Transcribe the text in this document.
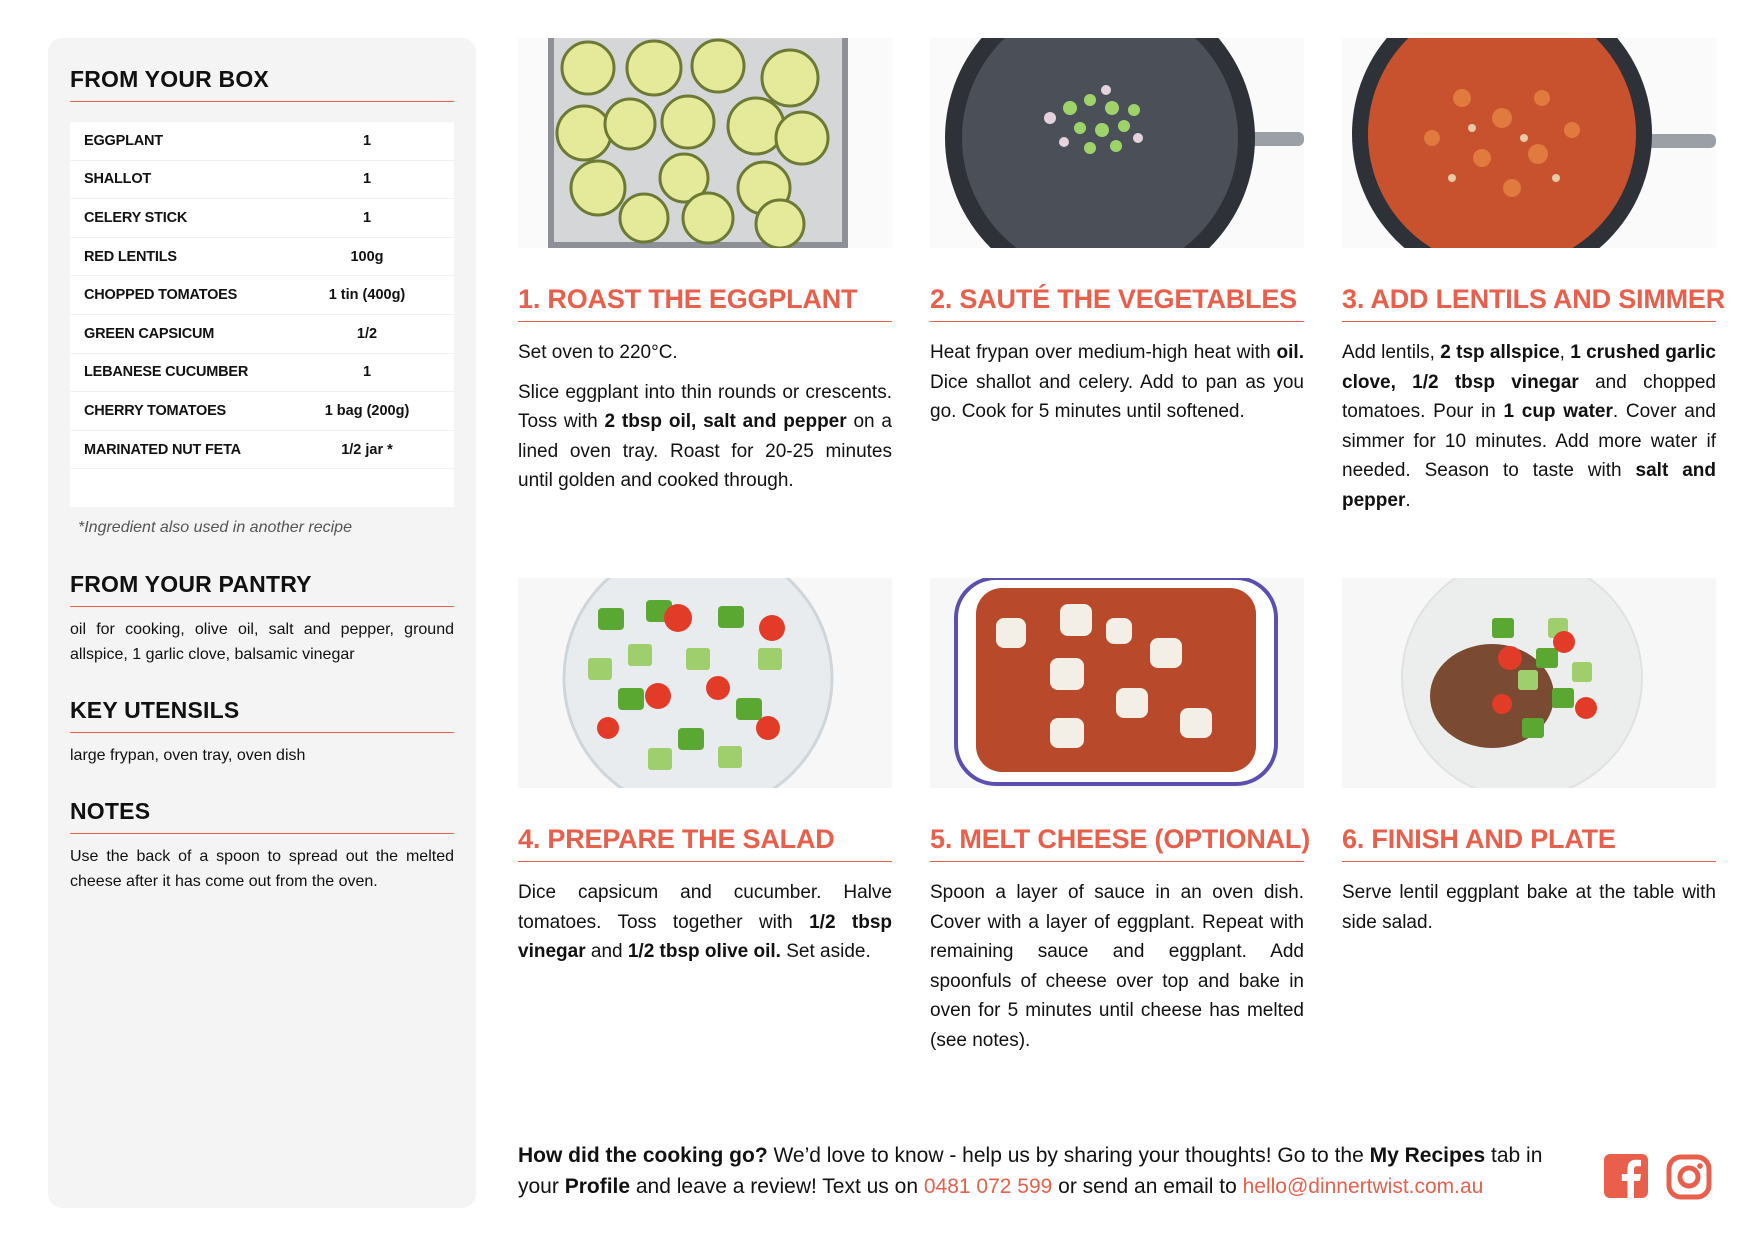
FROM YOUR BOX
EGGPLANT	1
SHALLOT	1
CELERY STICK	1
RED LENTILS	100g
CHOPPED TOMATOES	1 tin (400g)
GREEN CAPSICUM	1/2
LEBANESE CUCUMBER	1
CHERRY TOMATOES	1 bag (200g)
MARINATED NUT FETA	1/2 jar *
*Ingredient also used in another recipe
FROM YOUR PANTRY
oil for cooking, olive oil, salt and pepper, ground allspice, 1 garlic clove, balsamic vinegar
KEY UTENSILS
large frypan, oven tray, oven dish
NOTES
Use the back of a spoon to spread out the melted cheese after it has come out from the oven.
1. ROAST THE EGGPLANT

Set oven to 220°C.

Slice eggplant into thin rounds or crescents. Toss with 2 tbsp oil, salt and pepper on a lined oven tray. Roast for 20-25 minutes until golden and cooked through.

2. SAUTÉ THE VEGETABLES

Heat frypan over medium-high heat with oil. Dice shallot and celery. Add to pan as you go. Cook for 5 minutes until softened.

3. ADD LENTILS AND SIMMER

Add lentils, 2 tsp allspice, 1 crushed garlic clove, 1/2 tbsp vinegar and chopped tomatoes. Pour in 1 cup water. Cover and simmer for 10 minutes. Add more water if needed. Season to taste with salt and pepper.

4. PREPARE THE SALAD

Dice capsicum and cucumber. Halve tomatoes. Toss together with 1/2 tbsp vinegar and 1/2 tbsp olive oil. Set aside.

5. MELT CHEESE (OPTIONAL)

Spoon a layer of sauce in an oven dish. Cover with a layer of eggplant. Repeat with remaining sauce and eggplant. Add spoonfuls of cheese over top and bake in oven for 5 minutes until cheese has melted (see notes).

6. FINISH AND PLATE

Serve lentil eggplant bake at the table with side salad.

How did the cooking go? We’d love to know - help us by sharing your thoughts! Go to the My Recipes tab in your Profile and leave a review! Text us on 0481 072 599 or send an email to hello@dinnertwist.com.au
